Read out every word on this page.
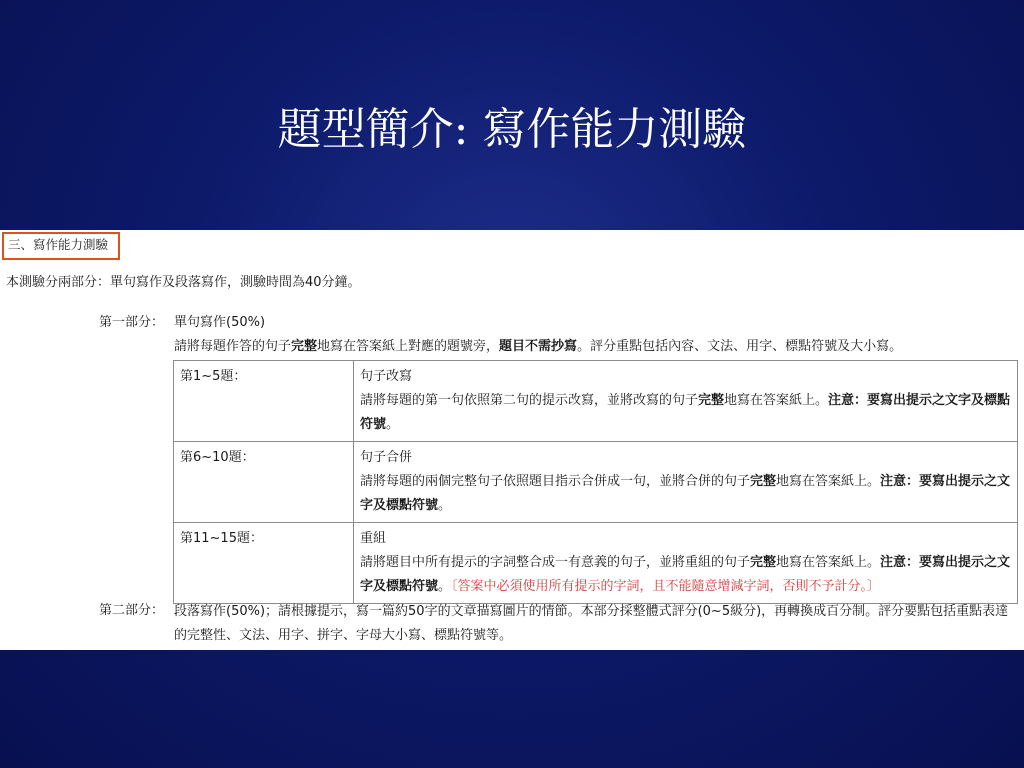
題型簡介: 寫作能力測驗
三、寫作能力測驗
本測驗分兩部分：單句寫作及段落寫作，測驗時間為40分鐘。
第一部分： 單句寫作(50%)
請將每題作答的句子完整地寫在答案紙上對應的題號旁，題目不需抄寫。評分重點包括內容、文法、用字、標點符號及大小寫。
第1~5題：	句子改寫
請將每題的第一句依照第二句的提示改寫，並將改寫的句子完整地寫在答案紙上。注意：要寫出提示之文字及標點符號。

第6~10題：	句子合併
請將每題的兩個完整句子依照題目指示合併成一句，並將合併的句子完整地寫在答案紙上。注意：要寫出提示之文字及標點符號。

第11~15題：	重組
請將題目中所有提示的字詞整合成一有意義的句子，並將重組的句子完整地寫在答案紙上。注意：要寫出提示之文字及標點符號。〔答案中必須使用所有提示的字詞，且不能隨意增減字詞，否則不予計分。〕
第二部分： 段落寫作(50%)；請根據提示，寫一篇約50字的文章描寫圖片的情節。本部分採整體式評分(0~5級分)，再轉換成百分制。評分要點包括重點表達的完整性、文法、用字、拼字、字母大小寫、標點符號等。
